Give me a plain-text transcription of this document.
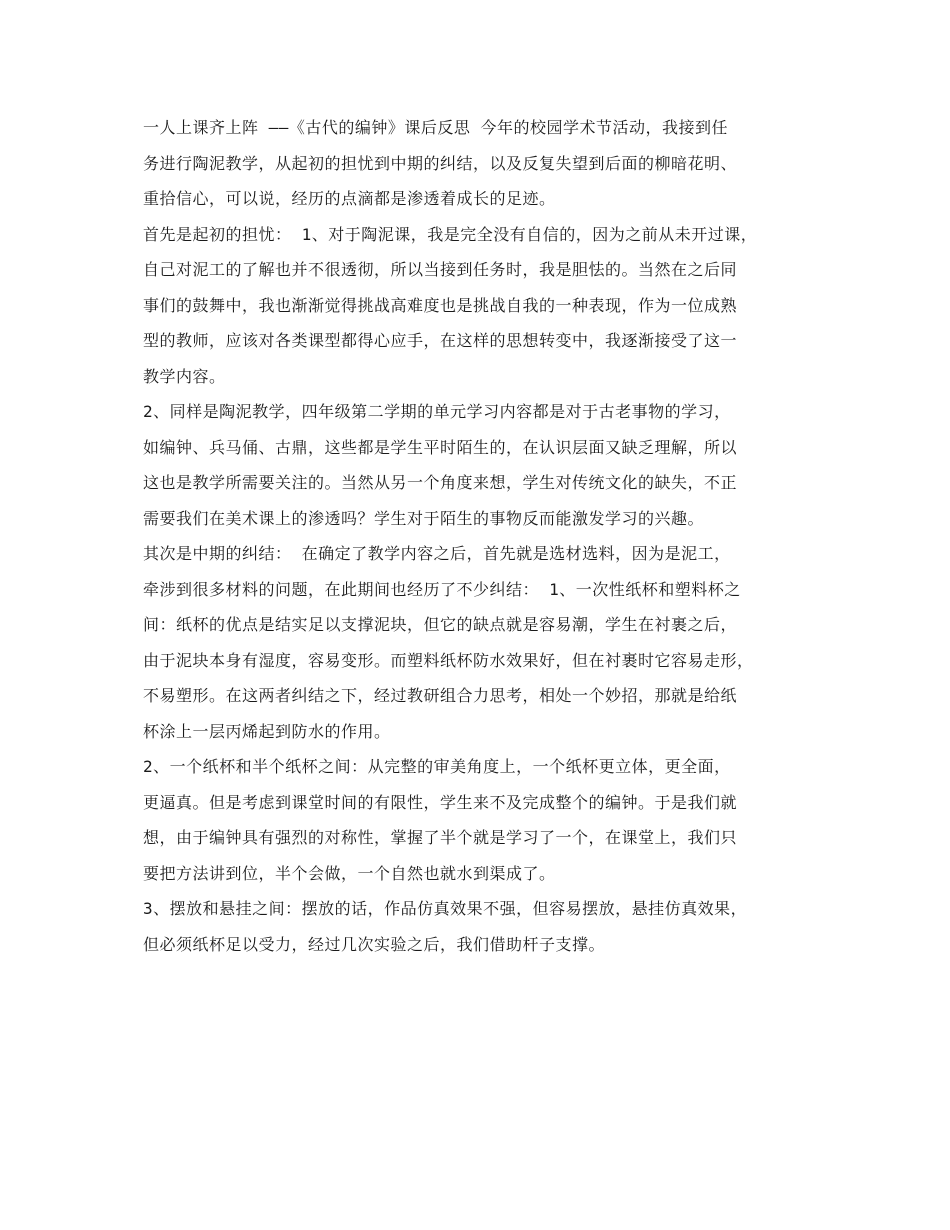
一人上课齐上阵 ——《古代的编钟》课后反思 今年的校园学术节活动，我接到任
务进行陶泥教学，从起初的担忧到中期的纠结，以及反复失望到后面的柳暗花明、
重拾信心，可以说，经历的点滴都是渗透着成长的足迹。
首先是起初的担忧： 1、对于陶泥课，我是完全没有自信的，因为之前从未开过课，
自己对泥工的了解也并不很透彻，所以当接到任务时，我是胆怯的。当然在之后同
事们的鼓舞中，我也渐渐觉得挑战高难度也是挑战自我的一种表现，作为一位成熟
型的教师，应该对各类课型都得心应手，在这样的思想转变中，我逐渐接受了这一
教学内容。
2、同样是陶泥教学，四年级第二学期的单元学习内容都是对于古老事物的学习，
如编钟、兵马俑、古鼎，这些都是学生平时陌生的，在认识层面又缺乏理解，所以
这也是教学所需要关注的。当然从另一个角度来想，学生对传统文化的缺失，不正
需要我们在美术课上的渗透吗？学生对于陌生的事物反而能激发学习的兴趣。
其次是中期的纠结： 在确定了教学内容之后，首先就是选材选料，因为是泥工，
牵涉到很多材料的问题，在此期间也经历了不少纠结： 1、一次性纸杯和塑料杯之
间：纸杯的优点是结实足以支撑泥块，但它的缺点就是容易潮，学生在衬裹之后，
由于泥块本身有湿度，容易变形。而塑料纸杯防水效果好，但在衬裹时它容易走形，
不易塑形。在这两者纠结之下，经过教研组合力思考，相处一个妙招，那就是给纸
杯涂上一层丙烯起到防水的作用。
2、一个纸杯和半个纸杯之间：从完整的审美角度上，一个纸杯更立体，更全面，
更逼真。但是考虑到课堂时间的有限性，学生来不及完成整个的编钟。于是我们就
想，由于编钟具有强烈的对称性，掌握了半个就是学习了一个，在课堂上，我们只
要把方法讲到位，半个会做，一个自然也就水到渠成了。
3、摆放和悬挂之间：摆放的话，作品仿真效果不强，但容易摆放，悬挂仿真效果，
但必须纸杯足以受力，经过几次实验之后，我们借助杆子支撑。
